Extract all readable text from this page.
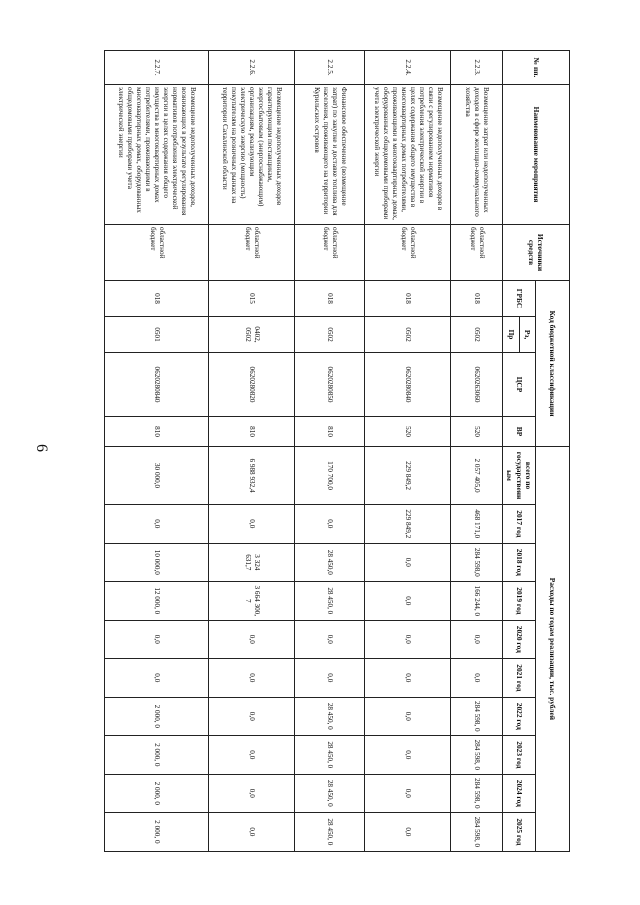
6
№ пп.	Наименование мероприятия	Источники средств	Код бюджетной классификации				Расходы по годам реализации, тыс. рублей									
			ГРБС	Рз,	ЦСР	ВР	всего по государственным	2017 год	2018 год	2019 год	2020 год	2021 год	2022 год	2023 год	2024 год	2025 год
				Пр												
2.2.3.	Возмещение затрат или недополученных доходов в сфере жилищно-коммунального хозяйства	областной бюджет	018	0502	0620263060	520	2 057 405,0	468 171,0	284 598,0	166 244, 0	0,0	0,0	284 598, 0	284 598, 0	284 598, 0	284 598, 0
2.2.4.	Возмещение недополученных доходов в связи с регулированием нормативов потребления электрической энергии в целях содержания общего имущества в многоквартирных домах потребителями, проживающими в многоквартирных домах, оборудованных общедомовыми приборами учета электрической энергии	областной бюджет	018	0502	0620280840	520	229 849,2	229 849,2	0,0	0,0	0,0	0,0	0,0	0,0	0,0	0,0
2.2.5.	Финансовое обеспечение (возмещение затрат) по закупке и доставке топлива для населения, проживающего на территории Курильских островов	областной бюджет	018	0502	0620280850	810	170 700,0	0,0	28 450,0	28 450, 0	0,0	0,0	28 450, 0	28 450, 0	28 450, 0	28 450, 0
2.2.6.	Возмещение недополученных доходов гарантирующим поставщикам, энергосбытовым (энергоснабжающим) организациям, реализующим электрическую энергию (мощность) покупателям на розничных рынках на территории Сахалинской области	областной бюджет	015	0402, 0502	0620280820	810	6 988 932,4	0,0	3 324 631,7	3 664 300, 7	0,0	0,0	0,0	0,0	0,0	0,0
2.2.7.	Возмещение недополученных доходов, возникающих в результате регулирования нормативов потребления электрической энергии в целях содержания общего имущества в многоквартирных домах потребителями, проживающими в многоквартирных домах, оборудованных общедомовыми приборами учета электрической энергии	областной бюджет	018	0501	0620280840	810	30 000,0	0,0	10 000,0	12 000, 0	0,0	0,0	2 000, 0	2 000, 0	2 000, 0	2 000, 0
